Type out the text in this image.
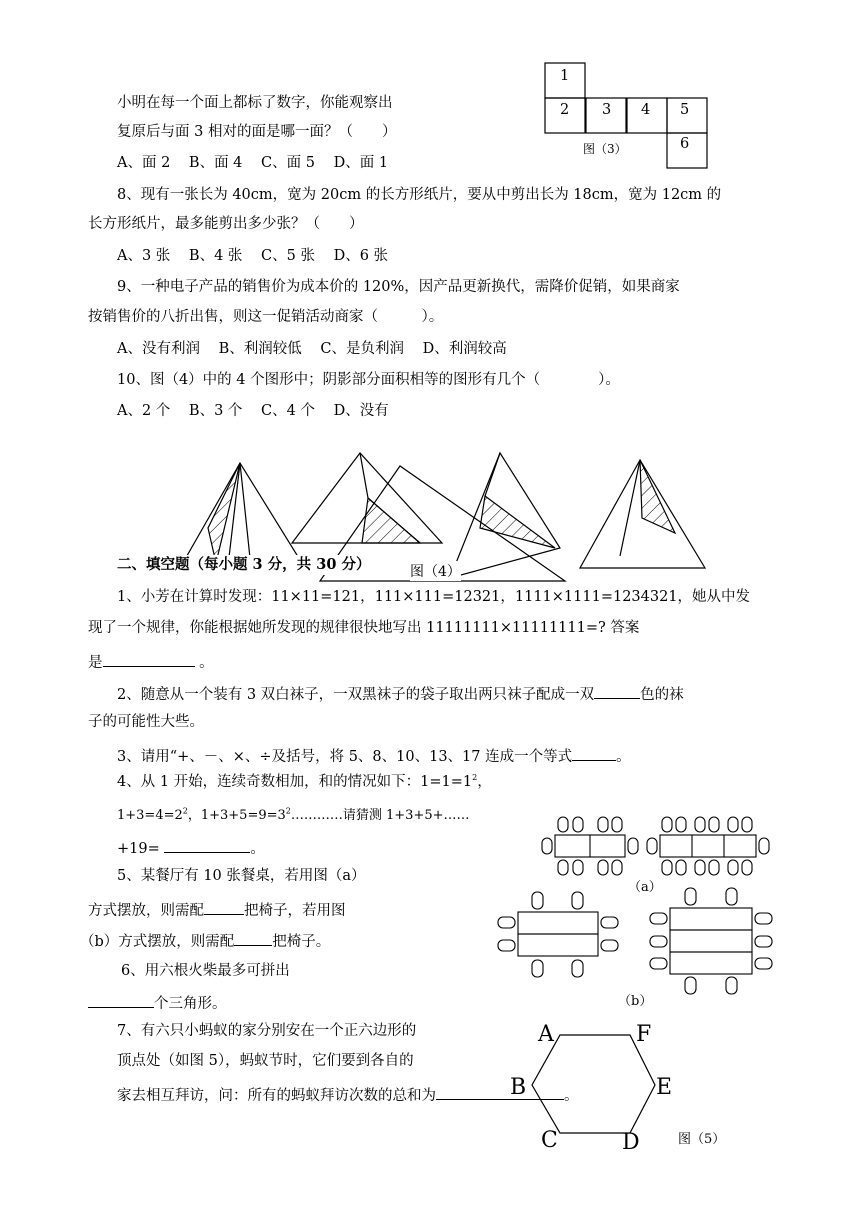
小明在每一个面上都标了数字，你能观察出
复原后与面 3 相对的面是哪一面？（　　）
A、面 2 B、面 4 C、面 5 D、面 1
1
2 3 4 5
6
图（3）
8、现有一张长为 40cm，宽为 20cm 的长方形纸片，要从中剪出长为 18cm，宽为 12cm 的
长方形纸片，最多能剪出多少张？（　　）
A、3 张 B、4 张 C、5 张 D、6 张
9、一种电子产品的销售价为成本价的 120%，因产品更新换代，需降价促销，如果商家
按销售价的八折出售，则这一促销活动商家（　　　）。
A、没有利润 B、利润较低 C、是负利润 D、利润较高
10、图（4）中的 4 个图形中；阴影部分面积相等的图形有几个（　　　　）。
A、2 个 B、3 个 C、4 个 D、没有
二、填空题（每小题 3 分，共 30 分）	图（4）
1、小芳在计算时发现：11×11=121，111×111=12321，1111×1111=1234321，她从中发
现了一个规律，你能根据她所发现的规律很快地写出 11111111×11111111=? 答案
是	。
2、随意从一个装有 3 双白袜子，一双黑袜子的袋子取出两只袜子配成一双	色的袜
子的可能性大些。
3、请用“+、－、×、÷及括号，将 5、8、10、13、17 连成一个等式	。
4、从 1 开始，连续奇数相加，和的情况如下：$1=1=1^2$，
$1+3=4=2^2$，$1+3+5=9=3^2\dots\dots\dots\dots$请猜测 1+3+5+……
+19=	。
5、某餐厅有 10 张餐桌，若用图（a）
方式摆放，则需配	把椅子，若用图
（b）方式摆放，则需配	把椅子。
（a）
（b）
6、用六根火柴最多可拼出
个三角形。
7、有六只小蚂蚁的家分别安在一个正六边形的
顶点处（如图 5），蚂蚁节时，它们要到各自的
家去相互拜访，问：所有的蚂蚁拜访次数的总和为	。
A	F
B	E
C	D	图（5）
